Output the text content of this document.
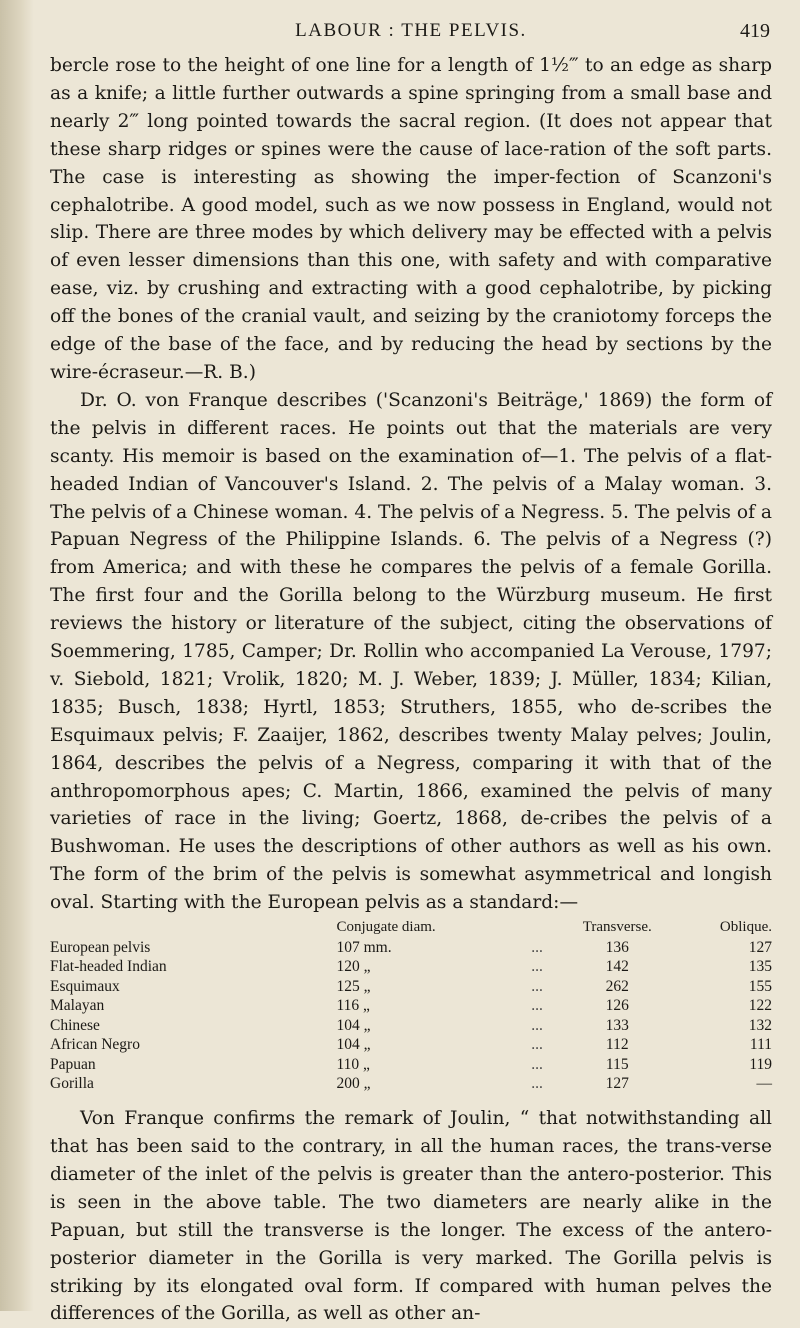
LABOUR : THE PELVIS.	419

bercle rose to the height of one line for a length of 1½‴ to an edge as sharp as a knife; a little further outwards a spine springing from a small base and nearly 2‴ long pointed towards the sacral region. (It does not appear that these sharp ridges or spines were the cause of lace-ration of the soft parts. The case is interesting as showing the imper-fection of Scanzoni's cephalotribe. A good model, such as we now possess in England, would not slip. There are three modes by which delivery may be effected with a pelvis of even lesser dimensions than this one, with safety and with comparative ease, viz. by crushing and extracting with a good cephalotribe, by picking off the bones of the cranial vault, and seizing by the craniotomy forceps the edge of the base of the face, and by reducing the head by sections by the wire-écraseur.—R. B.)

Dr. O. von Franque describes ('Scanzoni's Beiträge,' 1869) the form of the pelvis in different races. He points out that the materials are very scanty. His memoir is based on the examination of—1. The pelvis of a flat-headed Indian of Vancouver's Island. 2. The pelvis of a Malay woman. 3. The pelvis of a Chinese woman. 4. The pelvis of a Negress. 5. The pelvis of a Papuan Negress of the Philippine Islands. 6. The pelvis of a Negress (?) from America; and with these he compares the pelvis of a female Gorilla. The first four and the Gorilla belong to the Würzburg museum. He first reviews the history or literature of the subject, citing the observations of Soemmering, 1785, Camper; Dr. Rollin who accompanied La Verouse, 1797; v. Siebold, 1821; Vrolik, 1820; M. J. Weber, 1839; J. Müller, 1834; Kilian, 1835; Busch, 1838; Hyrtl, 1853; Struthers, 1855, who de-scribes the Esquimaux pelvis; F. Zaaijer, 1862, describes twenty Malay pelves; Joulin, 1864, describes the pelvis of a Negress, comparing it with that of the anthropomorphous apes; C. Martin, 1866, examined the pelvis of many varieties of race in the living; Goertz, 1868, de-cribes the pelvis of a Bushwoman. He uses the descriptions of other authors as well as his own. The form of the brim of the pelvis is somewhat asymmetrical and longish oval. Starting with the European pelvis as a standard:—

	Conjugate diam.		Transverse.	Oblique.
European pelvis	107 mm.	...	136	127
Flat-headed Indian	120 „	...	142	135
Esquimaux	125 „	...	262	155
Malayan	116 „	...	126	122
Chinese	104 „	...	133	132
African Negro	104 „	...	112	111
Papuan	110 „	...	115	119
Gorilla	200 „	...	127	—

Von Franque confirms the remark of Joulin, “ that notwithstanding all that has been said to the contrary, in all the human races, the trans-verse diameter of the inlet of the pelvis is greater than the antero-posterior. This is seen in the above table. The two diameters are nearly alike in the Papuan, but still the transverse is the longer. The excess of the antero-posterior diameter in the Gorilla is very marked. The Gorilla pelvis is striking by its elongated oval form. If compared with human pelves the differences of the Gorilla, as well as other an-
